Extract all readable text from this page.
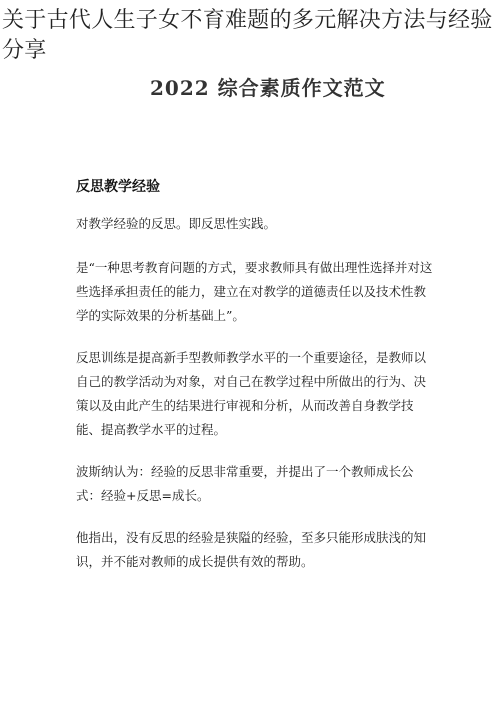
关于古代人生子女不育难题的多元解决方法与经验分享
2022 综合素质作文范文
反思教学经验

对教学经验的反思。即反思性实践。

是“一种思考教育问题的方式，要求教师具有做出理性选择并对这些选择承担责任的能力，建立在对教学的道德责任以及技术性教学的实际效果的分析基础上”。

反思训练是提高新手型教师教学水平的一个重要途径，是教师以自己的教学活动为对象，对自己在教学过程中所做出的行为、决策以及由此产生的结果进行审视和分析，从而改善自身教学技能、提高教学水平的过程。

波斯纳认为：经验的反思非常重要，并提出了一个教师成长公式：经验+反思=成长。

他指出，没有反思的经验是狭隘的经验，至多只能形成肤浅的知识，并不能对教师的成长提供有效的帮助。
